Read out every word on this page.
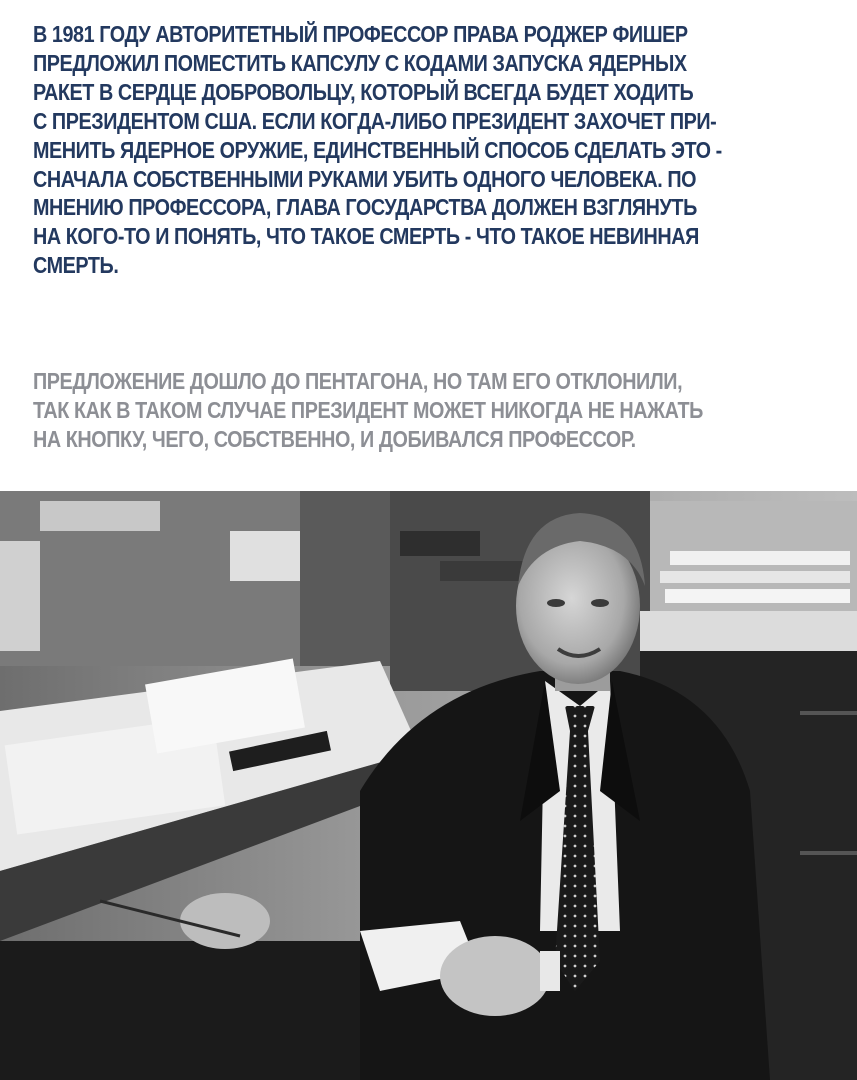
В 1981 ГОДУ АВТОРИТЕТНЫЙ ПРОФЕССОР ПРАВА РОДЖЕР ФИШЕР
ПРЕДЛОЖИЛ ПОМЕСТИТЬ КАПСУЛУ С КОДАМИ ЗАПУСКА ЯДЕРНЫХ
РАКЕТ В СЕРДЦЕ ДОБРОВОЛЬЦУ, КОТОРЫЙ ВСЕГДА БУДЕТ ХОДИТЬ
С ПРЕЗИДЕНТОМ США. ЕСЛИ КОГДА-ЛИБО ПРЕЗИДЕНТ ЗАХОЧЕТ ПРИ-
МЕНИТЬ ЯДЕРНОЕ ОРУЖИЕ, ЕДИНСТВЕННЫЙ СПОСОБ СДЕЛАТЬ ЭТО -
СНАЧАЛА СОБСТВЕННЫМИ РУКАМИ УБИТЬ ОДНОГО ЧЕЛОВЕКА. ПО
МНЕНИЮ ПРОФЕССОРА, ГЛАВА ГОСУДАРСТВА ДОЛЖЕН ВЗГЛЯНУТЬ
НА КОГО-ТО И ПОНЯТЬ, ЧТО ТАКОЕ СМЕРТЬ - ЧТО ТАКОЕ НЕВИННАЯ
СМЕРТЬ.
ПРЕДЛОЖЕНИЕ ДОШЛО ДО ПЕНТАГОНА, НО ТАМ ЕГО ОТКЛОНИЛИ,
ТАК КАК В ТАКОМ СЛУЧАЕ ПРЕЗИДЕНТ МОЖЕТ НИКОГДА НЕ НАЖАТЬ
НА КНОПКУ, ЧЕГО, СОБСТВЕННО, И ДОБИВАЛСЯ ПРОФЕССОР.
